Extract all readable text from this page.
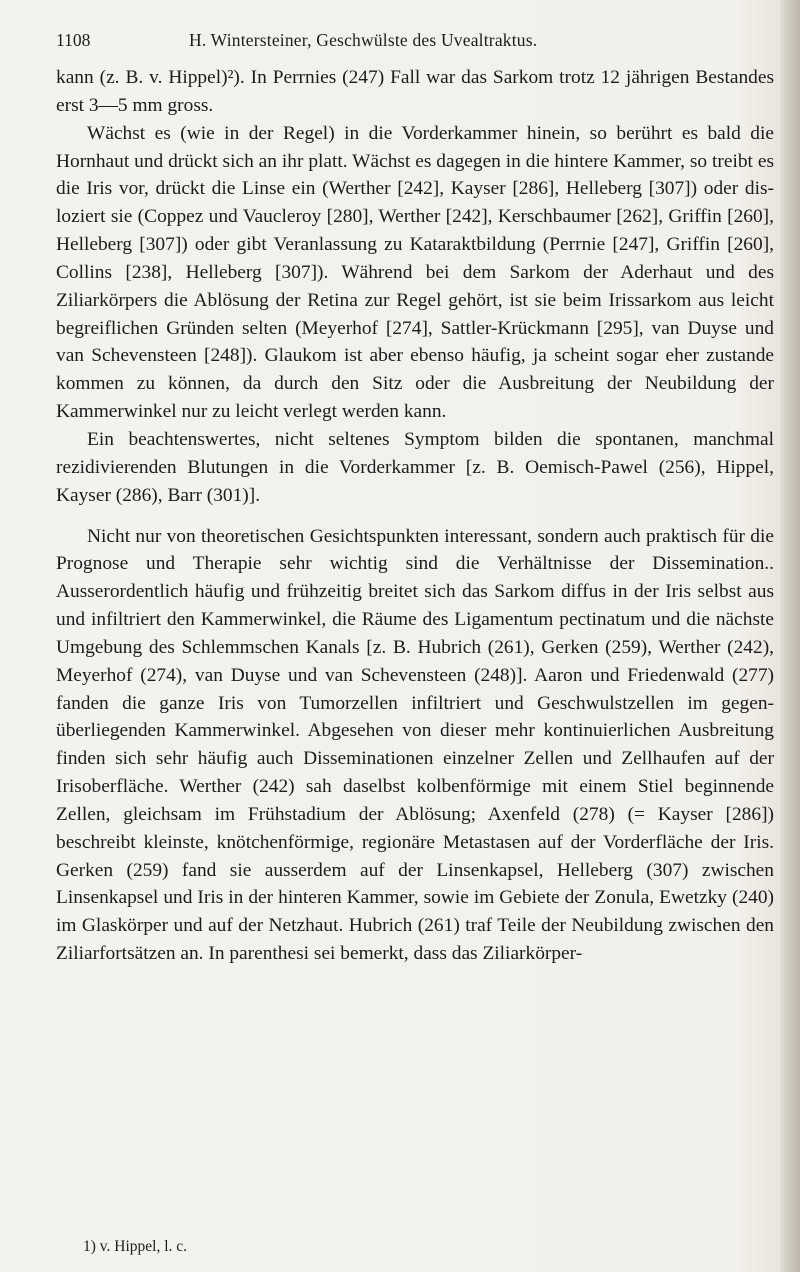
1108	H. Wintersteiner, Geschwülste des Uvealtraktus.

kann (z. B. v. Hippel)²). In Perrnies (247) Fall war das Sarkom trotz 12 jährigen Bestandes erst 3—5 mm gross.

Wächst es (wie in der Regel) in die Vorderkammer hinein, so berührt es bald die Hornhaut und drückt sich an ihr platt. Wächst es dagegen in die hintere Kammer, so treibt es die Iris vor, drückt die Linse ein (Werther [242], Kayser [286], Helleberg [307]) oder disloziert sie (Coppez und Vaucleroy [280], Werther [242], Kerschbaumer [262], Griffin [260], Helleberg [307]) oder gibt Veranlassung zu Kataraktbildung (Perrnie [247], Griffin [260], Collins [238], Helleberg [307]). Während bei dem Sarkom der Aderhaut und des Ziliarkörpers die Ablösung der Retina zur Regel gehört, ist sie beim Irissarkom aus leicht begreiflichen Gründen selten (Meyerhof [274], Sattler-Krückmann [295], van Duyse und van Schevensteen [248]). Glaukom ist aber ebenso häufig, ja scheint sogar eher zustande kommen zu können, da durch den Sitz oder die Ausbreitung der Neubildung der Kammerwinkel nur zu leicht verlegt werden kann.

Ein beachtenswertes, nicht seltenes Symptom bilden die spontanen, manchmal rezidivierenden Blutungen in die Vorderkammer [z. B. Oemisch-Pawel (256), Hippel, Kayser (286), Barr (301)].

Nicht nur von theoretischen Gesichtspunkten interessant, sondern auch praktisch für die Prognose und Therapie sehr wichtig sind die Verhältnisse der Dissemination.. Ausserordentlich häufig und frühzeitig breitet sich das Sarkom diffus in der Iris selbst aus und infiltriert den Kammerwinkel, die Räume des Ligamentum pectinatum und die nächste Umgebung des Schlemmschen Kanals [z. B. Hubrich (261), Gerken (259), Werther (242), Meyerhof (274), van Duyse und van Schevensteen (248)]. Aaron und Friedenwald (277) fanden die ganze Iris von Tumorzellen infiltriert und Geschwulstzellen im gegenüberliegenden Kammerwinkel. Abgesehen von dieser mehr kontinuierlichen Ausbreitung finden sich sehr häufig auch Disseminationen einzelner Zellen und Zellhaufen auf der Irisoberfläche. Werther (242) sah daselbst kolbenförmige mit einem Stiel beginnende Zellen, gleichsam im Frühstadium der Ablösung; Axenfeld (278) (= Kayser [286]) beschreibt kleinste, knötchenförmige, regionäre Metastasen auf der Vorderfläche der Iris. Gerken (259) fand sie ausserdem auf der Linsenkapsel, Helleberg (307) zwischen Linsenkapsel und Iris in der hinteren Kammer, sowie im Gebiete der Zonula, Ewetzky (240) im Glaskörper und auf der Netzhaut. Hubrich (261) traf Teile der Neubildung zwischen den Ziliarfortsätzen an. In parenthesi sei bemerkt, dass das Ziliarkörper-

1) v. Hippel, l. c.
